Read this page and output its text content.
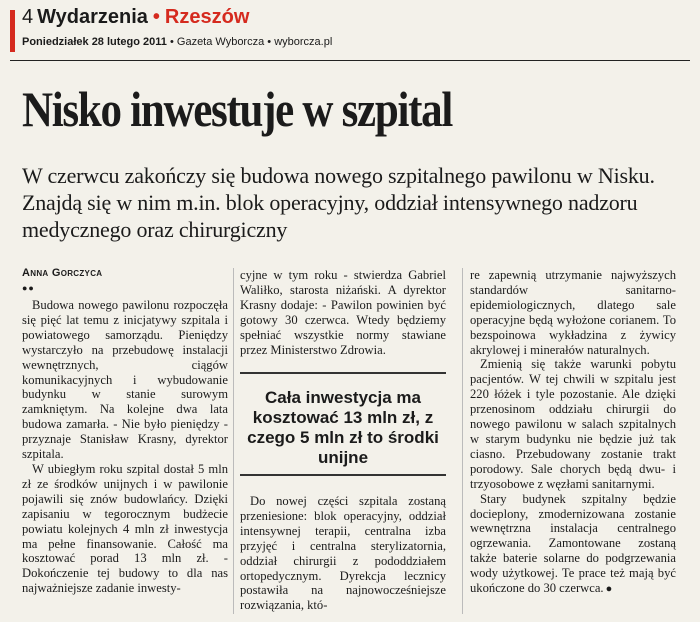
4 Wydarzenia • Rzeszów
Poniedziałek 28 lutego 2011 • Gazeta Wyborcza • wyborcza.pl
Nisko inwestuje w szpital

W czerwcu zakończy się budowa nowego szpitalnego pawilonu w Nisku. Znajdą się w nim m.in. blok operacyjny, oddział intensywnego nadzoru medycznego oraz chirurgiczny

Anna Gorczyca
●●

Budowa nowego pawilonu rozpoczęła się pięć lat temu z inicjatywy szpitala i powiatowego samorządu. Pieniędzy wystarczyło na przebudowę instalacji wewnętrznych, ciągów komunikacyjnych i wybudowanie budynku w stanie surowym zamkniętym. Na kolejne dwa lata budowa zamarła. - Nie było pieniędzy - przyznaje Stanisław Krasny, dyrektor szpitala.

W ubiegłym roku szpital dostał 5 mln zł ze środków unijnych i w pawilonie pojawili się znów budowlańcy. Dzięki zapisaniu w tegorocznym budżecie powiatu kolejnych 4 mln zł inwestycja ma pełne finansowanie. Całość ma kosztować porad 13 mln zł. - Dokończenie tej budowy to dla nas najważniejsze zadanie inwesty-

cyjne w tym roku - stwierdza Gabriel Waliłko, starosta niżański. A dyrektor Krasny dodaje: - Pawilon powinien być gotowy 30 czerwca. Wtedy będziemy spełniać wszystkie normy stawiane przez Ministerstwo Zdrowia.

Cała inwestycja ma kosztować 13 mln zł, z czego 5 mln zł to środki unijne

Do nowej części szpitala zostaną przeniesione: blok operacyjny, oddział intensywnej terapii, centralna izba przyjęć i centralna sterylizatornia, oddział chirurgii z pododdziałem ortopedycznym. Dyrekcja lecznicy postawiła na najnowocześniejsze rozwiązania, któ-

re zapewnią utrzymanie najwyższych standardów sanitarno-epidemiologicznych, dlatego sale operacyjne będą wyłożone corianem. To bezspoinowa wykładzina z żywicy akrylowej i minerałów naturalnych.

Zmienią się także warunki pobytu pacjentów. W tej chwili w szpitalu jest 220 łóżek i tyle pozostanie. Ale dzięki przenosinom oddziału chirurgii do nowego pawilonu w salach szpitalnych w starym budynku nie będzie już tak ciasno. Przebudowany zostanie trakt porodowy. Sale chorych będą dwu- i trzyosobowe z węzłami sanitarnymi.

Stary budynek szpitalny będzie docieplony, zmodernizowana zostanie wewnętrzna instalacja centralnego ogrzewania. Zamontowane zostaną także baterie solarne do podgrzewania wody użytkowej. Te prace też mają być ukończone do 30 czerwca. ●
